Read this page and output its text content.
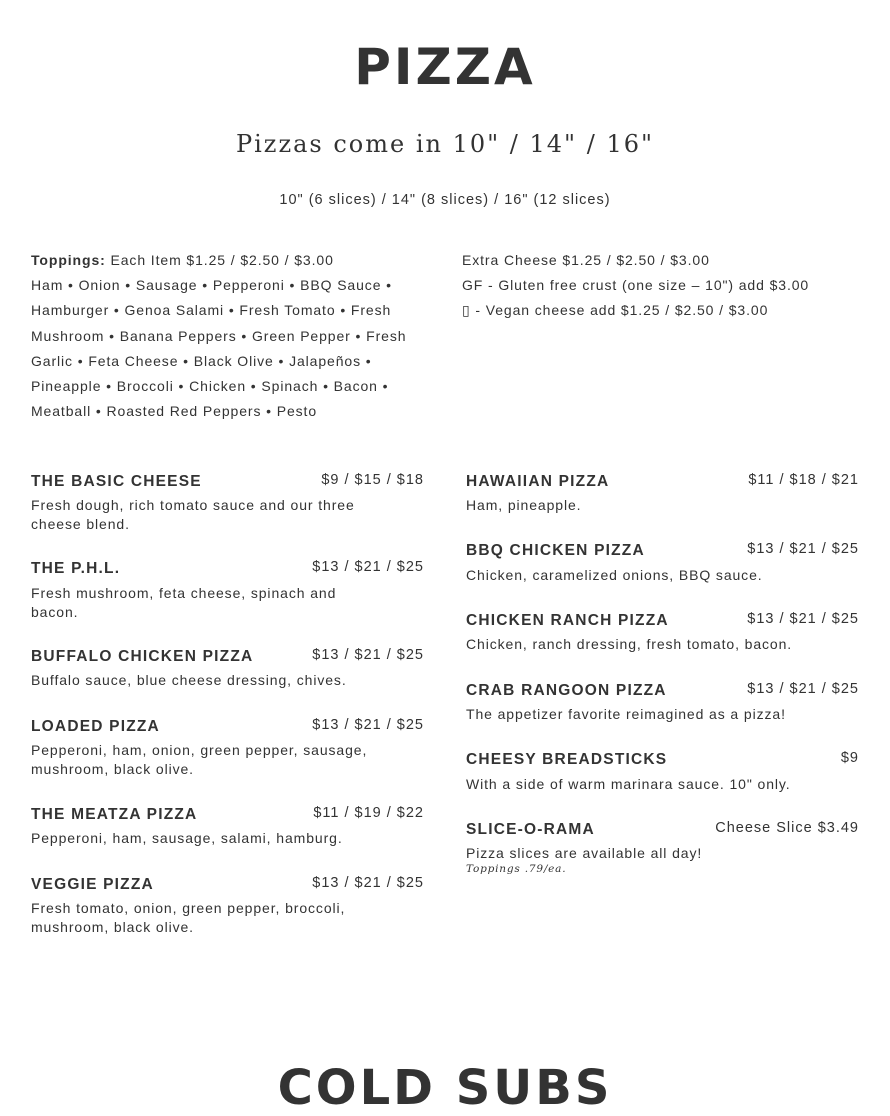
PIZZA
Pizzas come in 10" / 14" / 16"
10" (6 slices) / 14" (8 slices) / 16" (12 slices)
Toppings: Each Item $1.25 / $2.50 / $3.00
Ham • Onion • Sausage • Pepperoni • BBQ Sauce • Hamburger • Genoa Salami • Fresh Tomato • Fresh Mushroom • Banana Peppers • Green Pepper • Fresh Garlic • Feta Cheese • Black Olive • Jalapeños • Pineapple • Broccoli • Chicken • Spinach • Bacon • Meatball • Roasted Red Peppers • Pesto
Extra Cheese $1.25 / $2.50 / $3.00
GF - Gluten free crust (one size – 10") add $3.00
▯ - Vegan cheese add $1.25 / $2.50 / $3.00
THE BASIC CHEESE	$9 / $15 / $18
Fresh dough, rich tomato sauce and our three cheese blend.
THE P.H.L.	$13 / $21 / $25
Fresh mushroom, feta cheese, spinach and bacon.
BUFFALO CHICKEN PIZZA	$13 / $21 / $25
Buffalo sauce, blue cheese dressing, chives.
LOADED PIZZA	$13 / $21 / $25
Pepperoni, ham, onion, green pepper, sausage, mushroom, black olive.
THE MEATZA PIZZA	$11 / $19 / $22
Pepperoni, ham, sausage, salami, hamburg.
VEGGIE PIZZA	$13 / $21 / $25
Fresh tomato, onion, green pepper, broccoli, mushroom, black olive.
HAWAIIAN PIZZA	$11 / $18 / $21
Ham, pineapple.
BBQ CHICKEN PIZZA	$13 / $21 / $25
Chicken, caramelized onions, BBQ sauce.
CHICKEN RANCH PIZZA	$13 / $21 / $25
Chicken, ranch dressing, fresh tomato, bacon.
CRAB RANGOON PIZZA	$13 / $21 / $25
The appetizer favorite reimagined as a pizza!
CHEESY BREADSTICKS	$9
With a side of warm marinara sauce. 10" only.
SLICE-O-RAMA	Cheese Slice $3.49
Pizza slices are available all day!
Toppings .79/ea.
COLD SUBS
